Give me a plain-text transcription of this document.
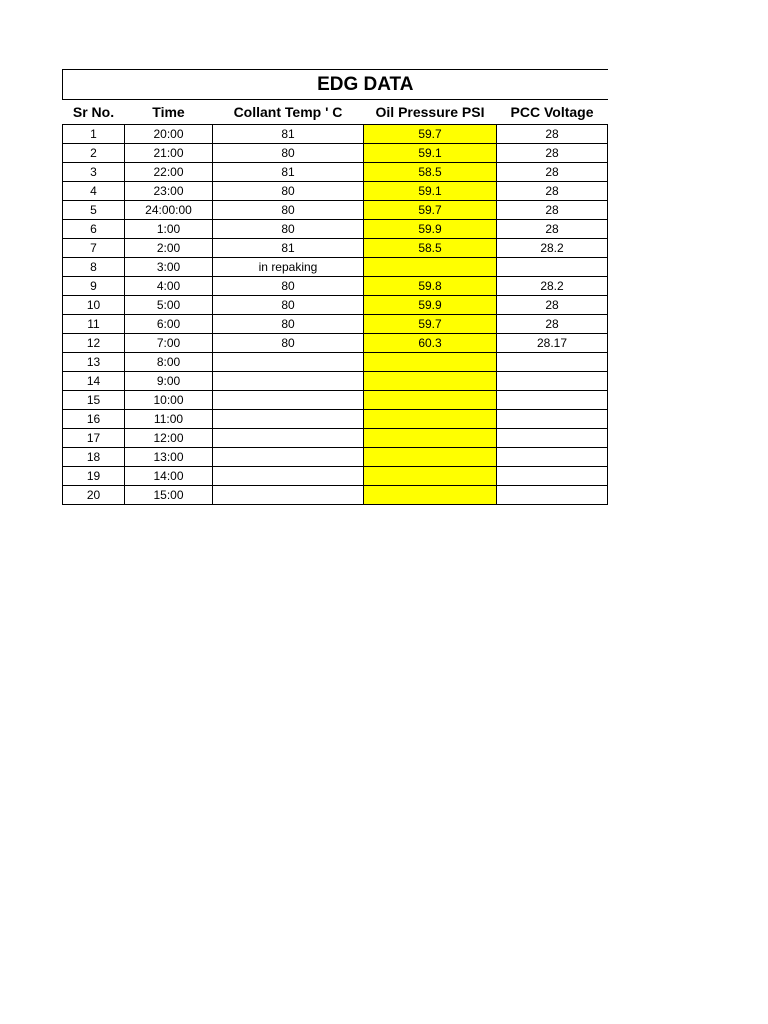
EDG DATA				
Sr No.	Time	Collant Temp ' C	Oil Pressure PSI	PCC Voltage
1	20:00	81	59.7	28
2	21:00	80	59.1	28
3	22:00	81	58.5	28
4	23:00	80	59.1	28
5	24:00:00	80	59.7	28
6	1:00	80	59.9	28
7	2:00	81	58.5	28.2
8	3:00	in repaking		
9	4:00	80	59.8	28.2
10	5:00	80	59.9	28
11	6:00	80	59.7	28
12	7:00	80	60.3	28.17
13	8:00			
14	9:00			
15	10:00			
16	11:00			
17	12:00			
18	13:00			
19	14:00			
20	15:00			
